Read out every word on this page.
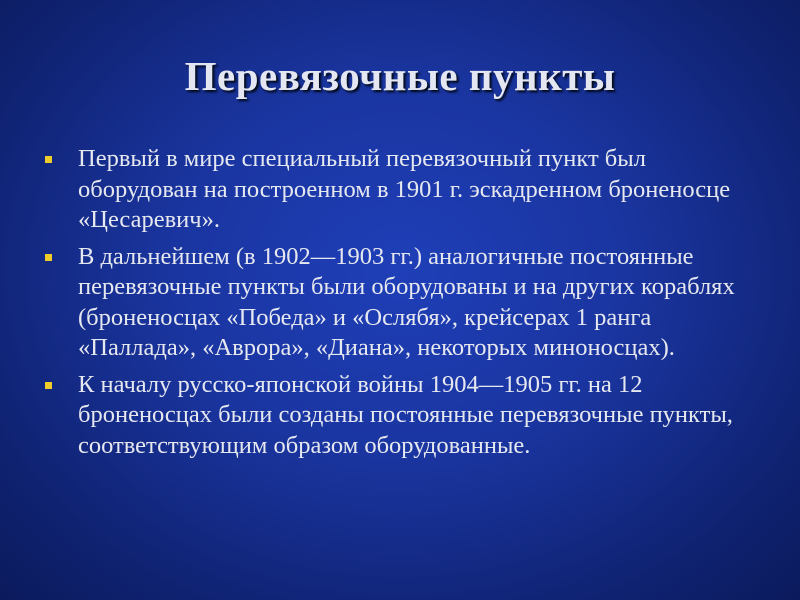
Перевязочные пункты
Первый в мире специальный перевязочный пункт был оборудован на построенном в 1901 г. эскадренном броненосце «Цесаревич».
В дальнейшем (в 1902—1903 гг.) аналогичные постоянные перевязочные пункты были оборудованы и на других кораблях (броненосцах «Победа» и «Ослябя», крейсерах 1 ранга «Паллада», «Аврора», «Диана», некоторых миноносцах).
К началу русско-японской войны 1904—1905 гг. на 12 броненосцах были созданы постоянные перевязочные пункты, соответствующим образом оборудованные.
